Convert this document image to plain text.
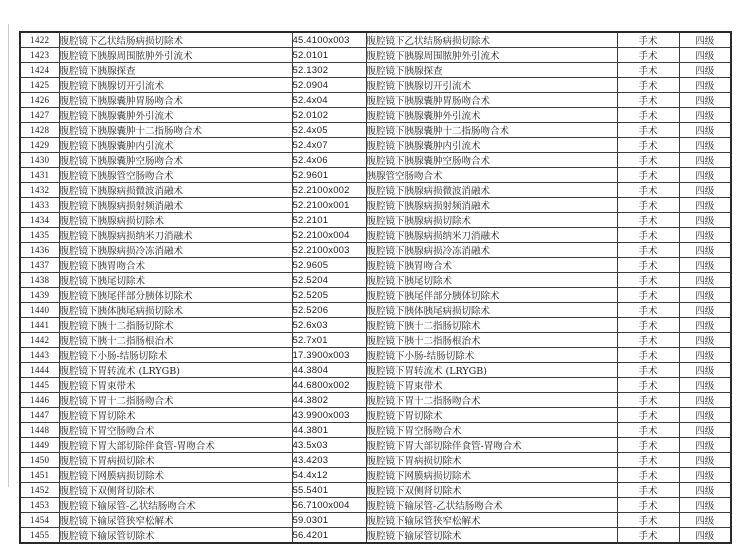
1422	腹腔镜下乙状结肠病损切除术	45.4100x003	腹腔镜下乙状结肠病损切除术	手术	四级
1423	腹腔镜下胰腺周围脓肿外引流术	52.0101	腹腔镜下胰腺周围脓肿外引流术	手术	四级
1424	腹腔镜下胰腺探查	52.1302	腹腔镜下胰腺探查	手术	四级
1425	腹腔镜下胰腺切开引流术	52.0904	腹腔镜下胰腺切开引流术	手术	四级
1426	腹腔镜下胰腺囊肿胃肠吻合术	52.4x04	腹腔镜下胰腺囊肿胃肠吻合术	手术	四级
1427	腹腔镜下胰腺囊肿外引流术	52.0102	腹腔镜下胰腺囊肿外引流术	手术	四级
1428	腹腔镜下胰腺囊肿十二指肠吻合术	52.4x05	腹腔镜下胰腺囊肿十二指肠吻合术	手术	四级
1429	腹腔镜下胰腺囊肿内引流术	52.4x07	腹腔镜下胰腺囊肿内引流术	手术	四级
1430	腹腔镜下胰腺囊肿空肠吻合术	52.4x06	腹腔镜下胰腺囊肿空肠吻合术	手术	四级
1431	腹腔镜下胰腺管空肠吻合术	52.9601	胰腺管空肠吻合术	手术	四级
1432	腹腔镜下胰腺病损微波消融术	52.2100x002	腹腔镜下胰腺病损微波消融术	手术	四级
1433	腹腔镜下胰腺病损射频消融术	52.2100x001	腹腔镜下胰腺病损射频消融术	手术	四级
1434	腹腔镜下胰腺病损切除术	52.2101	腹腔镜下胰腺病损切除术	手术	四级
1435	腹腔镜下胰腺病损纳米刀消融术	52.2100x004	腹腔镜下胰腺病损纳米刀消融术	手术	四级
1436	腹腔镜下胰腺病损冷冻消融术	52.2100x003	腹腔镜下胰腺病损冷冻消融术	手术	四级
1437	腹腔镜下胰胃吻合术	52.9605	腹腔镜下胰胃吻合术	手术	四级
1438	腹腔镜下胰尾切除术	52.5204	腹腔镜下胰尾切除术	手术	四级
1439	腹腔镜下胰尾伴部分胰体切除术	52.5205	腹腔镜下胰尾伴部分胰体切除术	手术	四级
1440	腹腔镜下胰体胰尾病损切除术	52.5206	腹腔镜下胰体胰尾病损切除术	手术	四级
1441	腹腔镜下胰十二指肠切除术	52.6x03	腹腔镜下胰十二指肠切除术	手术	四级
1442	腹腔镜下胰十二指肠根治术	52.7x01	腹腔镜下胰十二指肠根治术	手术	四级
1443	腹腔镜下小肠-结肠切除术	17.3900x003	腹腔镜下小肠-结肠切除术	手术	四级
1444	腹腔镜下胃转流术 (LRYGB)	44.3804	腹腔镜下胃转流术 (LRYGB)	手术	四级
1445	腹腔镜下胃束带术	44.6800x002	腹腔镜下胃束带术	手术	四级
1446	腹腔镜下胃十二指肠吻合术	44.3802	腹腔镜下胃十二指肠吻合术	手术	四级
1447	腹腔镜下胃切除术	43.9900x003	腹腔镜下胃切除术	手术	四级
1448	腹腔镜下胃空肠吻合术	44.3801	腹腔镜下胃空肠吻合术	手术	四级
1449	腹腔镜下胃大部切除伴食管-胃吻合术	43.5x03	腹腔镜下胃大部切除伴食管-胃吻合术	手术	四级
1450	腹腔镜下胃病损切除术	43.4203	腹腔镜下胃病损切除术	手术	四级
1451	腹腔镜下网膜病损切除术	54.4x12	腹腔镜下网膜病损切除术	手术	四级
1452	腹腔镜下双侧肾切除术	55.5401	腹腔镜下双侧肾切除术	手术	四级
1453	腹腔镜下输尿管-乙状结肠吻合术	56.7100x004	腹腔镜下输尿管-乙状结肠吻合术	手术	四级
1454	腹腔镜下输尿管狭窄松解术	59.0301	腹腔镜下输尿管狭窄松解术	手术	四级
1455	腹腔镜下输尿管切除术	56.4201	腹腔镜下输尿管切除术	手术	四级
